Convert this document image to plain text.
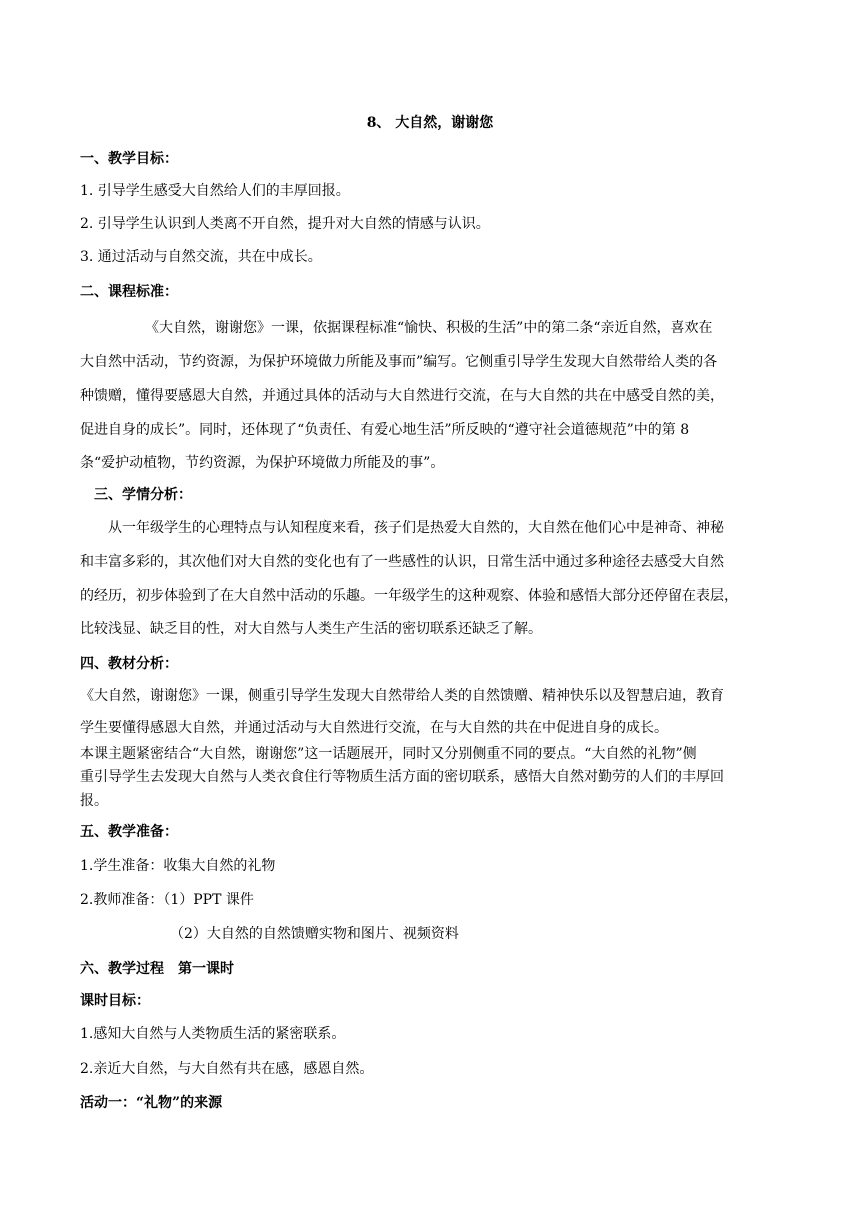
8、 大自然，谢谢您

一、教学目标：

1. 引导学生感受大自然给人们的丰厚回报。

2. 引导学生认识到人类离不开自然，提升对大自然的情感与认识。

3. 通过活动与自然交流，共在中成长。

二、课程标准：

《大自然，谢谢您》一课，依据课程标准“愉快、积极的生活”中的第二条“亲近自然，喜欢在

大自然中活动，节约资源，为保护环境做力所能及事而”编写。它侧重引导学生发现大自然带给人类的各

种馈赠，懂得要感恩大自然，并通过具体的活动与大自然进行交流，在与大自然的共在中感受自然的美，

促进自身的成长”。同时，还体现了“负责任、有爱心地生活”所反映的“遵守社会道德规范”中的第 8

条“爱护动植物，节约资源，为保护环境做力所能及的事”。

三、学情分析：

从一年级学生的心理特点与认知程度来看，孩子们是热爱大自然的，大自然在他们心中是神奇、神秘

和丰富多彩的，其次他们对大自然的变化也有了一些感性的认识，日常生活中通过多种途径去感受大自然

的经历，初步体验到了在大自然中活动的乐趣。一年级学生的这种观察、体验和感悟大部分还停留在表层，

比较浅显、缺乏目的性，对大自然与人类生产生活的密切联系还缺乏了解。

四、教材分析：

《大自然，谢谢您》一课，侧重引导学生发现大自然带给人类的自然馈赠、精神快乐以及智慧启迪，教育

学生要懂得感恩大自然，并通过活动与大自然进行交流，在与大自然的共在中促进自身的成长。

本课主题紧密结合“大自然，谢谢您”这一话题展开，同时又分别侧重不同的要点。“大自然的礼物”侧

重引导学生去发现大自然与人类衣食住行等物质生活方面的密切联系，感悟大自然对勤劳的人们的丰厚回

报。

五、教学准备：

1.学生准备：收集大自然的礼物

2.教师准备：（1）PPT 课件

（2）大自然的自然馈赠实物和图片、视频资料

六、教学过程　第一课时

课时目标：

1.感知大自然与人类物质生活的紧密联系。

2.亲近大自然，与大自然有共在感，感恩自然。

活动一：“礼物”的来源
